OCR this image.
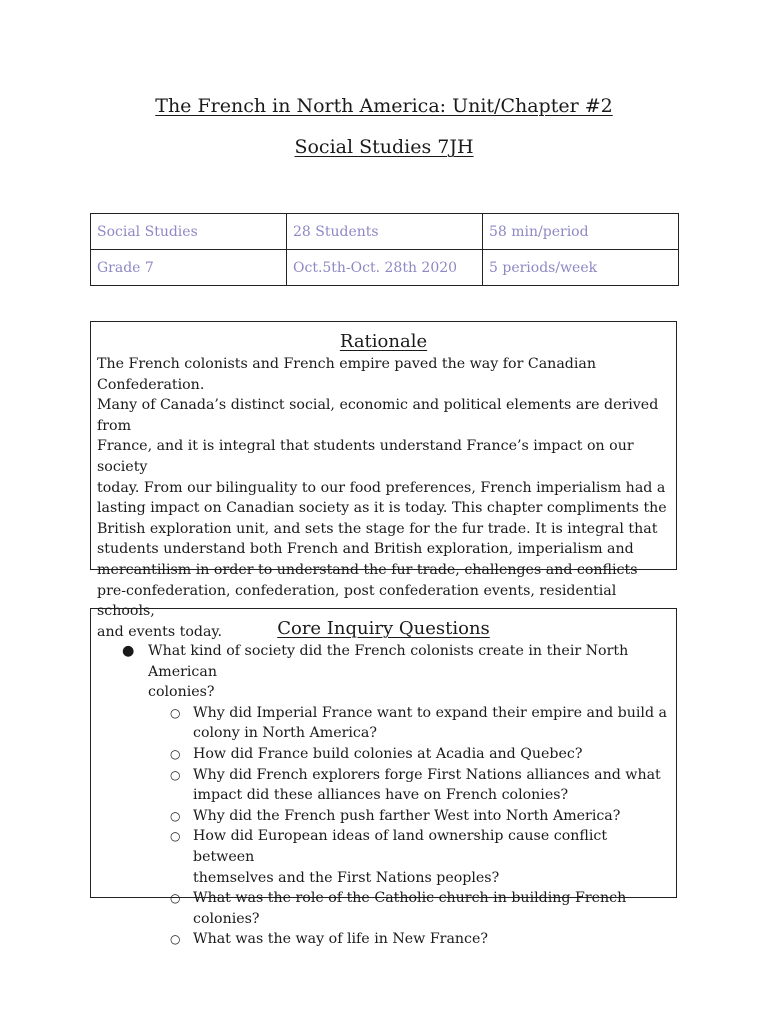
The French in North America: Unit/Chapter #2
Social Studies 7JH
Social Studies	28 Students	58 min/period
Grade 7	Oct.5th-Oct. 28th 2020	5 periods/week
Rationale

The French colonists and French empire paved the way for Canadian Confederation.
Many of Canada’s distinct social, economic and political elements are derived from
France, and it is integral that students understand France’s impact on our society
today. From our bilinguality to our food preferences, French imperialism had a
lasting impact on Canadian society as it is today. This chapter compliments the
British exploration unit, and sets the stage for the fur trade. It is integral that
students understand both French and British exploration, imperialism and
mercantilism in order to understand the fur trade, challenges and conflicts
pre-confederation, confederation, post confederation events, residential schools,
and events today.	Core Inquiry Questions
● What kind of society did the French colonists create in their North American
colonies?
○ Why did Imperial France want to expand their empire and build a
colony in North America?
○ How did France build colonies at Acadia and Quebec?
○ Why did French explorers forge First Nations alliances and what
impact did these alliances have on French colonies?
○ Why did the French push farther West into North America?
○ How did European ideas of land ownership cause conflict between
themselves and the First Nations peoples?
○ What was the role of the Catholic church in building French colonies?
○ What was the way of life in New France?
